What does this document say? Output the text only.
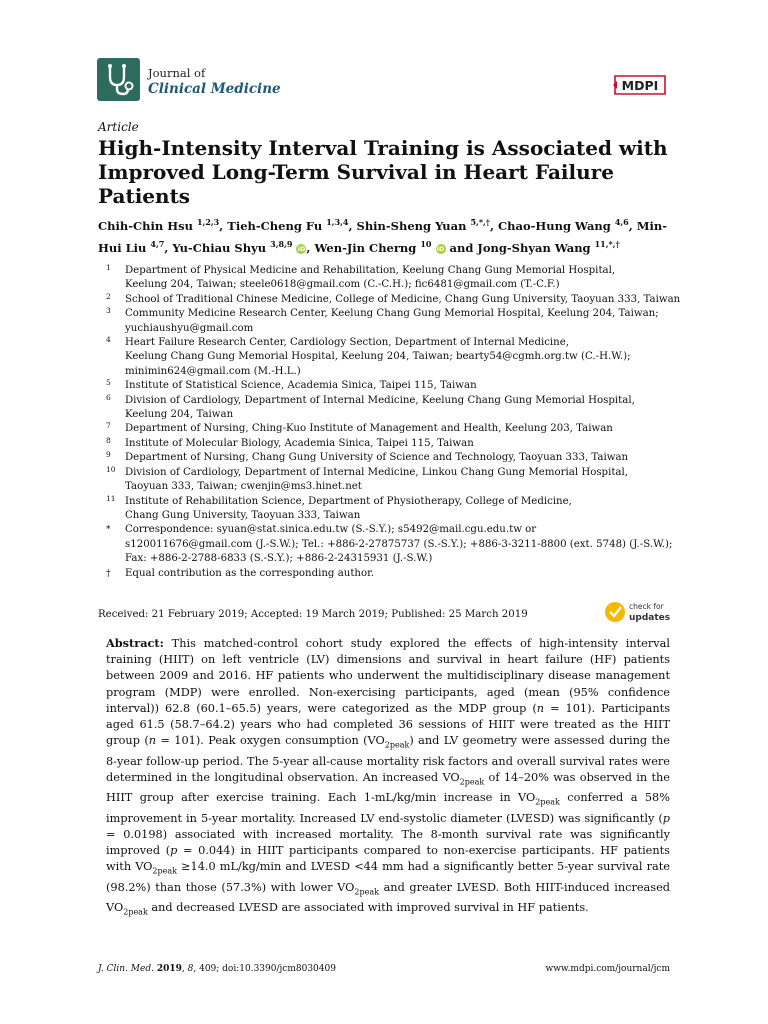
Journal of
Clinical Medicine	MDPI
Article
High-Intensity Interval Training is Associated with Improved Long-Term Survival in Heart Failure Patients
Chih-Chin Hsu $^{1,2,3}$, Tieh-Cheng Fu $^{1,3,4}$, Shin-Sheng Yuan $^{5,*,\dagger}$, Chao-Hung Wang $^{4,6}$, Min-Hui Liu $^{4,7}$, Yu-Chiau Shyu $^{3,8,9}$ iD, Wen-Jin Cherng $^{10}$ iD and Jong-Shyan Wang $^{11,*,\dagger}$
1 Department of Physical Medicine and Rehabilitation, Keelung Chang Gung Memorial Hospital,
Keelung 204, Taiwan; steele0618@gmail.com (C.-C.H.); fic6481@gmail.com (T.-C.F.)
2 School of Traditional Chinese Medicine, College of Medicine, Chang Gung University, Taoyuan 333, Taiwan
3 Community Medicine Research Center, Keelung Chang Gung Memorial Hospital, Keelung 204, Taiwan;
yuchiaushyu@gmail.com
4 Heart Failure Research Center, Cardiology Section, Department of Internal Medicine,
Keelung Chang Gung Memorial Hospital, Keelung 204, Taiwan; bearty54@cgmh.org.tw (C.-H.W.);
minimin624@gmail.com (M.-H.L.)
5 Institute of Statistical Science, Academia Sinica, Taipei 115, Taiwan
6 Division of Cardiology, Department of Internal Medicine, Keelung Chang Gung Memorial Hospital,
Keelung 204, Taiwan
7 Department of Nursing, Ching-Kuo Institute of Management and Health, Keelung 203, Taiwan
8 Institute of Molecular Biology, Academia Sinica, Taipei 115, Taiwan
9 Department of Nursing, Chang Gung University of Science and Technology, Taoyuan 333, Taiwan
10 Division of Cardiology, Department of Internal Medicine, Linkou Chang Gung Memorial Hospital,
Taoyuan 333, Taiwan; cwenjin@ms3.hinet.net
11 Institute of Rehabilitation Science, Department of Physiotherapy, College of Medicine,
Chang Gung University, Taoyuan 333, Taiwan
* Correspondence: syuan@stat.sinica.edu.tw (S.-S.Y.); s5492@mail.cgu.edu.tw or
s120011676@gmail.com (J.-S.W.); Tel.: +886-2-27875737 (S.-S.Y.); +886-3-3211-8800 (ext. 5748) (J.-S.W.);
Fax: +886-2-2788-6833 (S.-S.Y.); +886-2-24315931 (J.-S.W.)
† Equal contribution as the corresponding author.
Received: 21 February 2019; Accepted: 19 March 2019; Published: 25 March 2019
check for
updates

Abstract: This matched-control cohort study explored the effects of high-intensity interval training (HIIT) on left ventricle (LV) dimensions and survival in heart failure (HF) patients between 2009 and 2016. HF patients who underwent the multidisciplinary disease management program (MDP) were enrolled. Non-exercising participants, aged (mean (95% confidence interval)) 62.8 (60.1–65.5) years, were categorized as the MDP group (n = 101). Participants aged 61.5 (58.7–64.2) years who had completed 36 sessions of HIIT were treated as the HIIT group (n = 101). Peak oxygen consumption $(VO_{2peak})$ and LV geometry were assessed during the 8-year follow-up period. The 5-year all-cause mortality risk factors and overall survival rates were determined in the longitudinal observation. An increased $VO_{2peak}$ of 14–20% was observed in the HIIT group after exercise training. Each 1-mL/kg/min increase in $VO_{2peak}$ conferred a 58% improvement in 5-year mortality. Increased LV end-systolic diameter (LVESD) was significantly (p = 0.0198) associated with increased mortality. The 8-month survival rate was significantly improved (p = 0.044) in HIIT participants compared to non-exercise participants. HF patients with $VO_{2peak} \ge 14.0$ mL/kg/min and LVESD <44 mm had a significantly better 5-year survival rate (98.2%) than those (57.3%) with lower $VO_{2peak}$ and greater LVESD. Both HIIT-induced increased $VO_{2peak}$ and decreased LVESD are associated with improved survival in HF patients.

J. Clin. Med. 2019, 8, 409; doi:10.3390/jcm8030409	www.mdpi.com/journal/jcm
